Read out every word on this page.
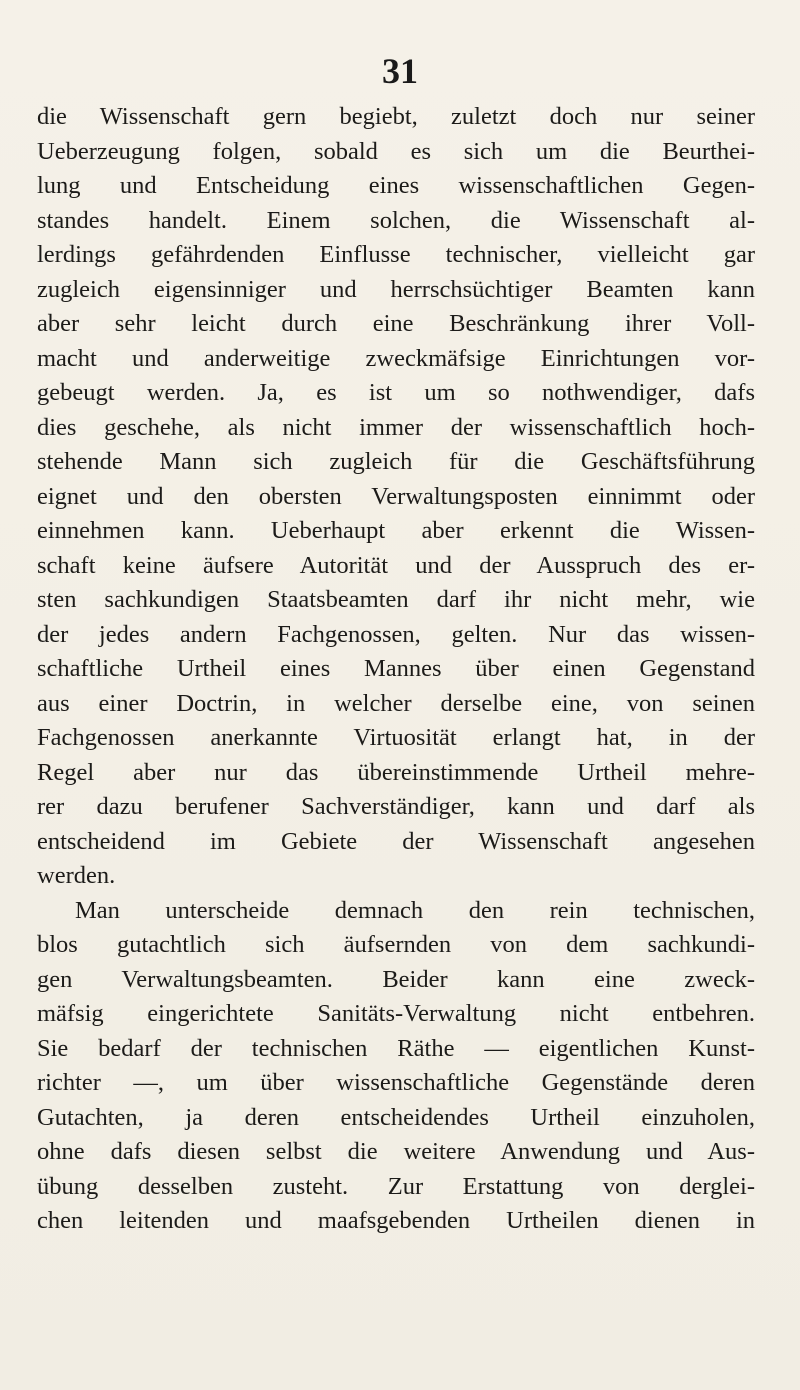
31
die Wissenschaft gern begiebt, zuletzt doch nur seiner
Ueberzeugung folgen, sobald es sich um die Beurthei-
lung und Entscheidung eines wissenschaftlichen Gegen-
standes handelt. Einem solchen, die Wissenschaft al-
lerdings gefährdenden Einflusse technischer, vielleicht gar
zugleich eigensinniger und herrschsüchtiger Beamten kann
aber sehr leicht durch eine Beschränkung ihrer Voll-
macht und anderweitige zweckmäfsige Einrichtungen vor-
gebeugt werden. Ja, es ist um so nothwendiger, dafs
dies geschehe, als nicht immer der wissenschaftlich hoch-
stehende Mann sich zugleich für die Geschäftsführung
eignet und den obersten Verwaltungsposten einnimmt oder
einnehmen kann. Ueberhaupt aber erkennt die Wissen-
schaft keine äufsere Autorität und der Ausspruch des er-
sten sachkundigen Staatsbeamten darf ihr nicht mehr, wie
der jedes andern Fachgenossen, gelten. Nur das wissen-
schaftliche Urtheil eines Mannes über einen Gegenstand
aus einer Doctrin, in welcher derselbe eine, von seinen
Fachgenossen anerkannte Virtuosität erlangt hat, in der
Regel aber nur das übereinstimmende Urtheil mehre-
rer dazu berufener Sachverständiger, kann und darf als
entscheidend im Gebiete der Wissenschaft angesehen
werden.
Man unterscheide demnach den rein technischen,
blos gutachtlich sich äufsernden von dem sachkundi-
gen Verwaltungsbeamten. Beider kann eine zweck-
mäfsig eingerichtete Sanitäts-Verwaltung nicht entbehren.
Sie bedarf der technischen Räthe — eigentlichen Kunst-
richter —, um über wissenschaftliche Gegenstände deren
Gutachten, ja deren entscheidendes Urtheil einzuholen,
ohne dafs diesen selbst die weitere Anwendung und Aus-
übung desselben zusteht. Zur Erstattung von derglei-
chen leitenden und maafsgebenden Urtheilen dienen in
